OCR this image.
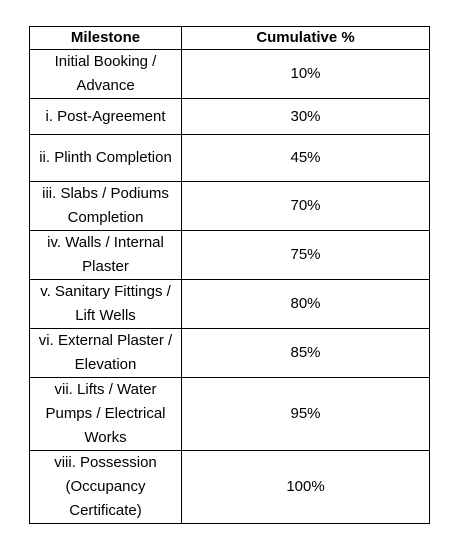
Milestone	Cumulative %
Initial Booking / Advance	10%
i. Post-Agreement	30%
ii. Plinth Completion	45%
iii. Slabs / Podiums Completion	70%
iv. Walls / Internal Plaster	75%
v. Sanitary Fittings / Lift Wells	80%
vi. External Plaster / Elevation	85%
vii. Lifts / Water Pumps / Electrical Works	95%
viii. Possession (Occupancy Certificate)	100%
